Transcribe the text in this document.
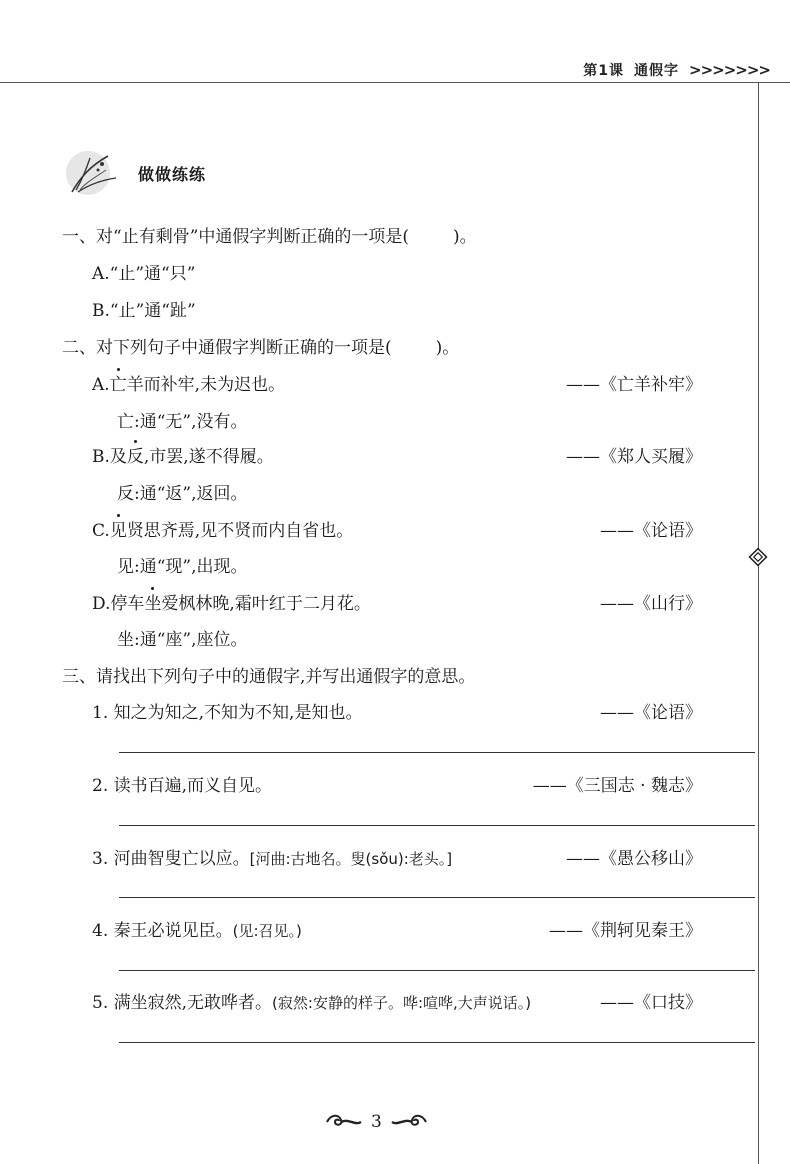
第1课 通假字 >>>>>>>
做做练练
一、对“止有剩骨”中通假字判断正确的一项是(	)。
A.“止”通“只”
B.“止”通“趾”
二、对下列句子中通假字判断正确的一项是(	)。
A.亡羊而补牢,未为迟也。	——《亡羊补牢》
亡:通“无”,没有。
B.及反,市罢,遂不得履。	——《郑人买履》
反:通“返”,返回。
C.见贤思齐焉,见不贤而内自省也。	——《论语》
见:通“现”,出现。
D.停车坐爱枫林晚,霜叶红于二月花。	——《山行》
坐:通“座”,座位。
三、请找出下列句子中的通假字,并写出通假字的意思。
1. 知之为知之,不知为不知,是知也。	——《论语》
2. 读书百遍,而义自见。	——《三国志 · 魏志》
3. 河曲智叟亡以应。[河曲:古地名。叟(sǒu):老头。]	——《愚公移山》
4. 秦王必说见臣。(见:召见。)	——《荆轲见秦王》
5. 满坐寂然,无敢哗者。(寂然:安静的样子。哗:喧哗,大声说话。)	——《口技》
3
